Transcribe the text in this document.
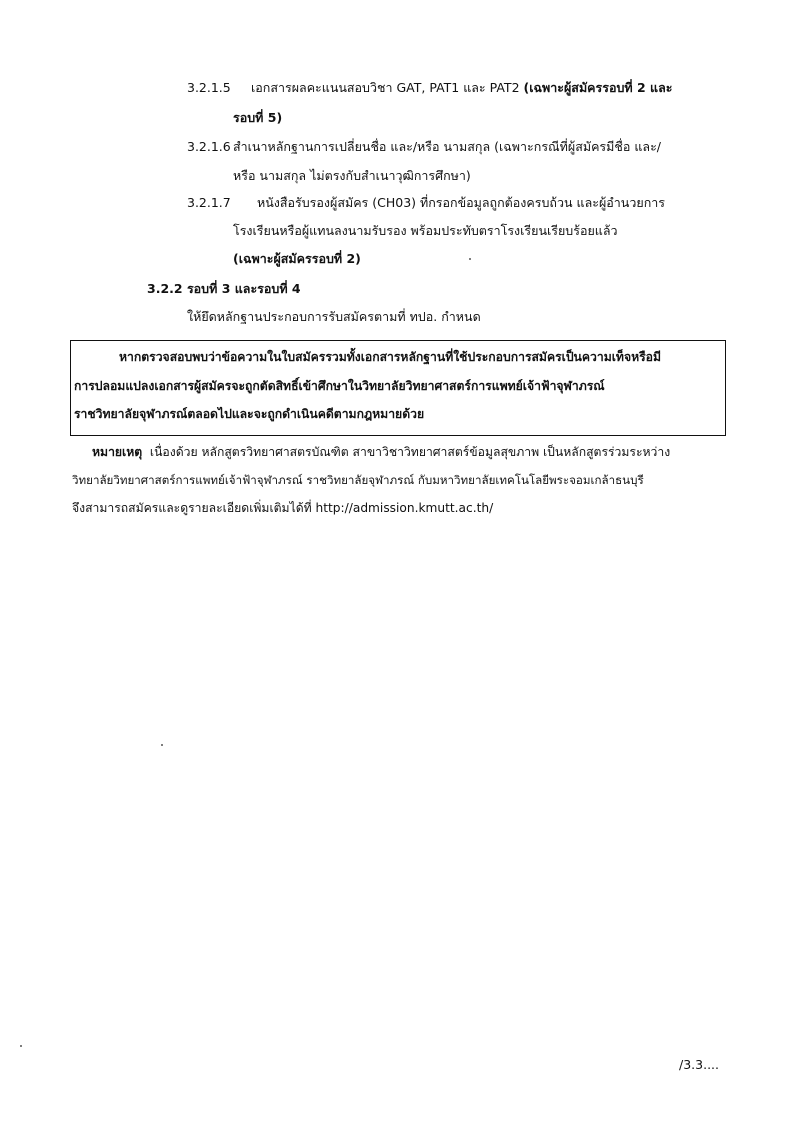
3.2.1.5 เอกสารผลคะแนนสอบวิชา GAT, PAT1 และ PAT2 (เฉพาะผู้สมัครรอบที่ 2 และ
รอบที่ 5)
3.2.1.6 สำเนาหลักฐานการเปลี่ยนชื่อ และ/หรือ นามสกุล (เฉพาะกรณีที่ผู้สมัครมีชื่อ และ/
หรือ นามสกุล ไม่ตรงกับสำเนาวุฒิการศึกษา)
3.2.1.7 หนังสือรับรองผู้สมัคร (CH03) ที่กรอกข้อมูลถูกต้องครบถ้วน และผู้อำนวยการ
โรงเรียนหรือผู้แทนลงนามรับรอง พร้อมประทับตราโรงเรียนเรียบร้อยแล้ว
(เฉพาะผู้สมัครรอบที่ 2)
3.2.2 รอบที่ 3 และรอบที่ 4
ให้ยึดหลักฐานประกอบการรับสมัครตามที่ ทปอ. กำหนด
หากตรวจสอบพบว่าข้อความในใบสมัครรวมทั้งเอกสารหลักฐานที่ใช้ประกอบการสมัครเป็นความเท็จหรือมี
การปลอมแปลงเอกสารผู้สมัครจะถูกตัดสิทธิ์เข้าศึกษาในวิทยาลัยวิทยาศาสตร์การแพทย์เจ้าฟ้าจุฬาภรณ์
ราชวิทยาลัยจุฬาภรณ์ตลอดไปและจะถูกดำเนินคดีตามกฎหมายด้วย
หมายเหตุ เนื่องด้วย หลักสูตรวิทยาศาสตรบัณฑิต สาขาวิชาวิทยาศาสตร์ข้อมูลสุขภาพ เป็นหลักสูตรร่วมระหว่าง
วิทยาลัยวิทยาศาสตร์การแพทย์เจ้าฟ้าจุฬาภรณ์ ราชวิทยาลัยจุฬาภรณ์ กับมหาวิทยาลัยเทคโนโลยีพระจอมเกล้าธนบุรี
จึงสามารถสมัครและดูรายละเอียดเพิ่มเติมได้ที่ http://admission.kmutt.ac.th/
/3.3....
